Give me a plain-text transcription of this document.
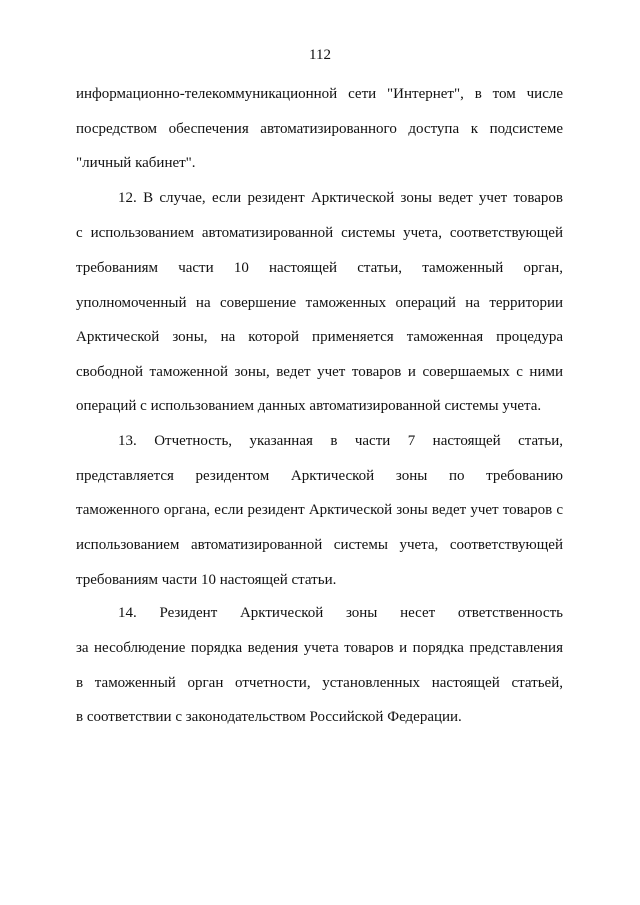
112
информационно-телекоммуникационной сети "Интернет", в том числе
посредством обеспечения автоматизированного доступа к подсистеме
"личный кабинет".
12. В случае, если резидент Арктической зоны ведет учет товаров
с использованием автоматизированной системы учета, соответствующей
требованиям части 10 настоящей статьи, таможенный орган,
уполномоченный на совершение таможенных операций на территории
Арктической зоны, на которой применяется таможенная процедура
свободной таможенной зоны, ведет учет товаров и совершаемых с ними
операций с использованием данных автоматизированной системы учета.
13. Отчетность, указанная в части 7 настоящей статьи,
представляется резидентом Арктической зоны по требованию
таможенного органа, если резидент Арктической зоны ведет учет товаров с
использованием автоматизированной системы учета, соответствующей
требованиям части 10 настоящей статьи.
14. Резидент Арктической зоны несет ответственность
за несоблюдение порядка ведения учета товаров и порядка представления
в таможенный орган отчетности, установленных настоящей статьей,
в соответствии с законодательством Российской Федерации.
